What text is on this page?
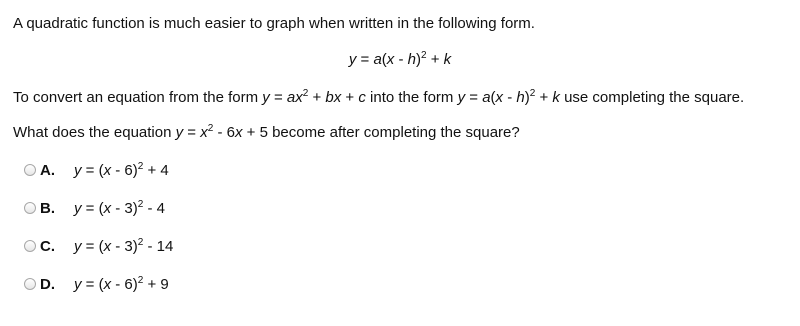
A quadratic function is much easier to graph when written in the following form.
y = a(x - h)$^2$ + k
To convert an equation from the form $y = ax^2$ + bx + c into the form y = a(x - h)$^2$ + k use completing the square.
What does the equation $y = x^2 - 6x + 5$ become after completing the square?
A.	y = (x - 6)$^2$ + 4
B.	y = (x - 3)$^2$ - 4
C.	y = (x - 3)$^2$ - 14
D.	y = (x - 6)$^2$ + 9
